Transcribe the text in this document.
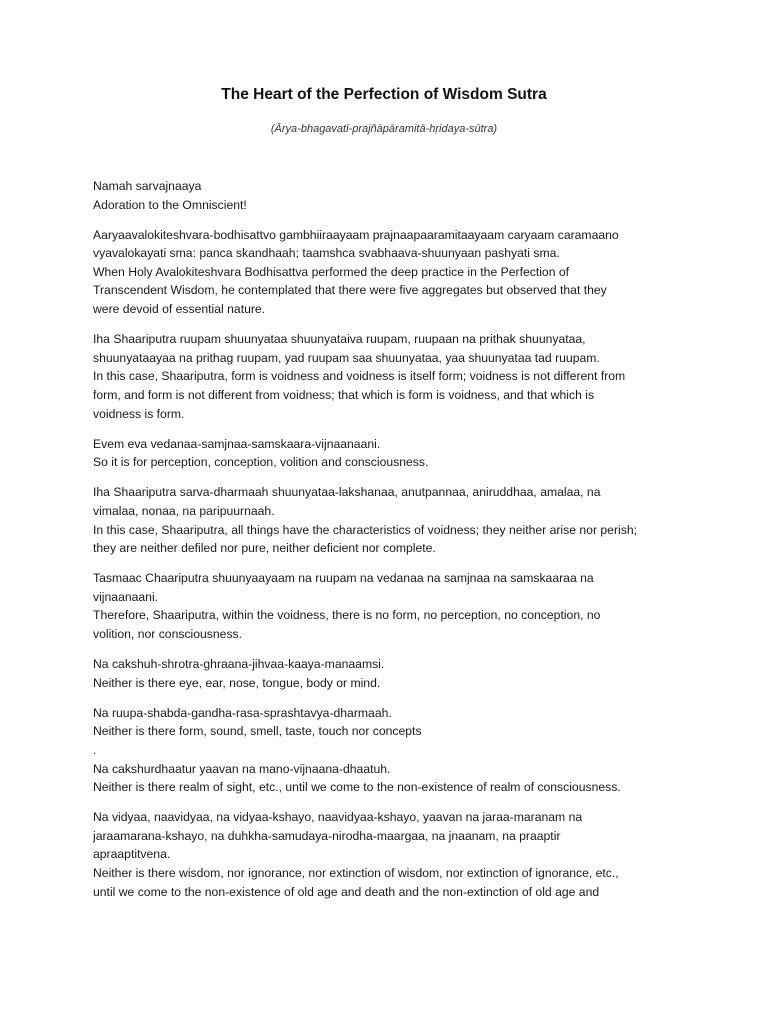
The Heart of the Perfection of Wisdom Sutra
(Ārya-bhagavatī-prajñāpāramitā-hṛidaya-sūtra)

Namah sarvajnaaya
Adoration to the Omniscient!

Aaryaavalokiteshvara-bodhisattvo gambhiiraayaam prajnaapaaramitaayaam caryaam caramaano
vyavalokayati sma: panca skandhaah; taamshca svabhaava-shuunyaan pashyati sma.
When Holy Avalokiteshvara Bodhisattva performed the deep practice in the Perfection of
Transcendent Wisdom, he contemplated that there were five aggregates but observed that they
were devoid of essential nature.

Iha Shaariputra ruupam shuunyataa shuunyataiva ruupam, ruupaan na prithak shuunyataa,
shuunyataayaa na prithag ruupam, yad ruupam saa shuunyataa, yaa shuunyataa tad ruupam.
In this case, Shaariputra, form is voidness and voidness is itself form; voidness is not different from
form, and form is not different from voidness; that which is form is voidness, and that which is
voidness is form.

Evem eva vedanaa-samjnaa-samskaara-vijnaanaani.
So it is for perception, conception, volition and consciousness.

Iha Shaariputra sarva-dharmaah shuunyataa-lakshanaa, anutpannaa, aniruddhaa, amalaa, na
vimalaa, nonaa, na paripuurnaah.
In this case, Shaariputra, all things have the characteristics of voidness; they neither arise nor perish;
they are neither defiled nor pure, neither deficient nor complete.

Tasmaac Chaariputra shuunyaayaam na ruupam na vedanaa na samjnaa na samskaaraa na
vijnaanaani.
Therefore, Shaariputra, within the voidness, there is no form, no perception, no conception, no
volition, nor consciousness.

Na cakshuh-shrotra-ghraana-jihvaa-kaaya-manaamsi.
Neither is there eye, ear, nose, tongue, body or mind.

Na ruupa-shabda-gandha-rasa-sprashtavya-dharmaah.
Neither is there form, sound, smell, taste, touch nor concepts
.
Na cakshurdhaatur yaavan na mano-vijnaana-dhaatuh.
Neither is there realm of sight, etc., until we come to the non-existence of realm of consciousness.

Na vidyaa, naavidyaa, na vidyaa-kshayo, naavidyaa-kshayo, yaavan na jaraa-maranam na
jaraamarana-kshayo, na duhkha-samudaya-nirodha-maargaa, na jnaanam, na praaptir
apraaptitvena.
Neither is there wisdom, nor ignorance, nor extinction of wisdom, nor extinction of ignorance, etc.,
until we come to the non-existence of old age and death and the non-extinction of old age and
